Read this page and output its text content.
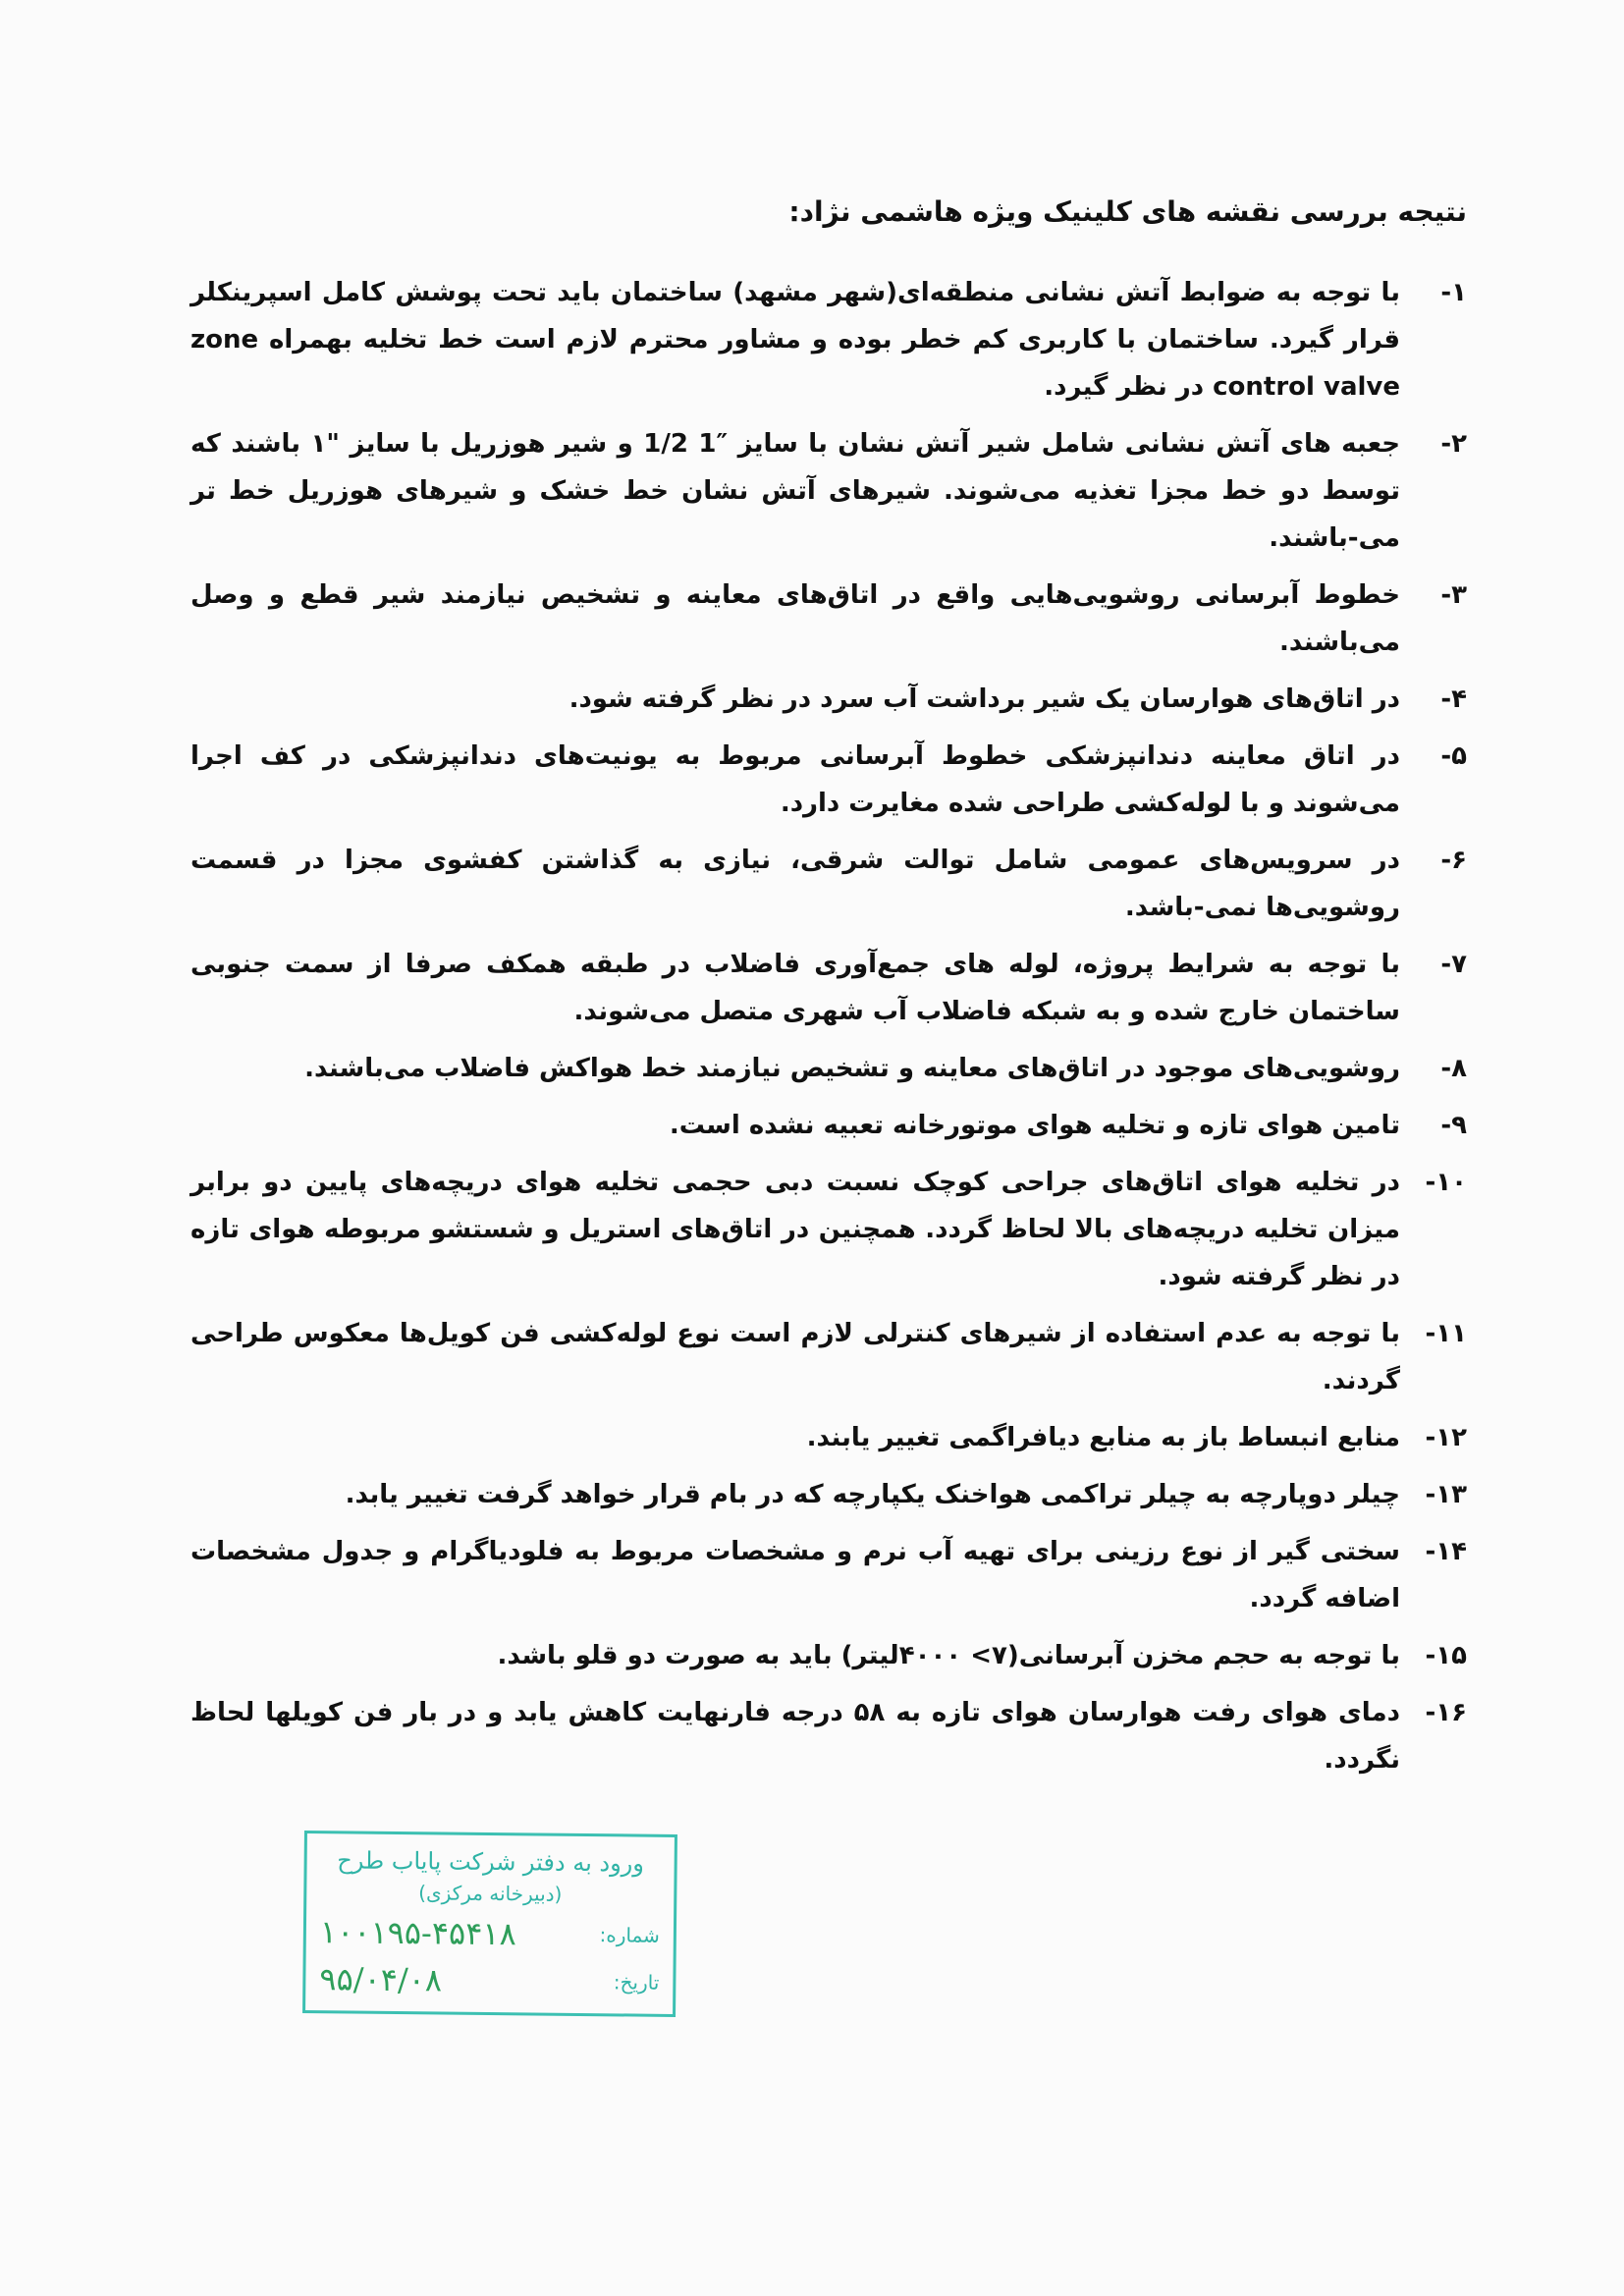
نتیجه بررسی نقشه های کلینیک ویژه هاشمی نژاد:
۱-
با توجه به ضوابط آتش نشانی منطقه‌ای(شهر مشهد) ساختمان باید تحت پوشش کامل اسپرینکلر قرار گیرد. ساختمان با کاربری کم خطر بوده و مشاور محترم لازم است خط تخلیه بهمراه zone control valve در نظر گیرد.
۲-
جعبه های آتش نشانی شامل شیر آتش نشان با سایز ″1 1/2 و شیر هوزریل با سایز "۱ باشند که توسط دو خط مجزا تغذیه می‌شوند. شیرهای آتش نشان خط خشک و شیرهای هوزریل خط تر می-باشند.
۳-
خطوط آبرسانی روشویی‌هایی واقع در اتاق‌های معاینه و تشخیص نیازمند شیر قطع و وصل می‌باشند.
۴-
در اتاق‌های هوارسان یک شیر برداشت آب سرد در نظر گرفته شود.
۵-
در اتاق معاینه دندانپزشکی خطوط آبرسانی مربوط به یونیت‌های دندانپزشکی در کف اجرا می‌شوند و با لوله‌کشی طراحی شده مغایرت دارد.
۶-
در سرویس‌های عمومی شامل توالت شرقی، نیازی به گذاشتن کفشوی مجزا در قسمت روشویی‌ها نمی-باشد.
۷-
با توجه به شرایط پروژه، لوله های جمع‌آوری فاضلاب در طبقه همکف صرفا از سمت جنوبی ساختمان خارج شده و به شبکه فاضلاب آب شهری متصل می‌شوند.
۸-
روشویی‌های موجود در اتاق‌های معاینه و تشخیص نیازمند خط هواکش فاضلاب می‌باشند.
۹-
تامین هوای تازه و تخلیه هوای موتورخانه تعبیه نشده است.
۱۰-
در تخلیه هوای اتاق‌های جراحی کوچک نسبت دبی حجمی تخلیه هوای دریچه‌های پایین دو برابر میزان تخلیه دریچه‌های بالا لحاظ گردد. همچنین در اتاق‌های استریل و شستشو مربوطه هوای تازه در نظر گرفته شود.
۱۱-
با توجه به عدم استفاده از شیرهای کنترلی لازم است نوع لوله‌کشی فن کویل‌ها معکوس طراحی گردند.
۱۲-
منابع انبساط باز به منابع دیافراگمی تغییر یابند.
۱۳-
چیلر دوپارچه به چیلر تراکمی هواخنک یکپارچه که در بام قرار خواهد گرفت تغییر یابد.
۱۴-
سختی گیر از نوع رزینی برای تهیه آب نرم و مشخصات مربوط به فلودیاگرام و جدول مشخصات اضافه گردد.
۱۵-
با توجه به حجم مخزن آبرسانی(۷> ۴۰۰۰لیتر) باید به صورت دو قلو باشد.
۱۶-
دمای هوای رفت هوارسان هوای تازه به ۵۸ درجه فارنهایت کاهش یابد و در بار فن کویلها لحاظ نگردد.
ورود به دفتر شرکت پایاب طرح
(دبیرخانه مرکزی)
شماره:
۱۰۰۱۹۵-۴۵۴۱۸
تاریخ:
۹۵/۰۴/۰۸
